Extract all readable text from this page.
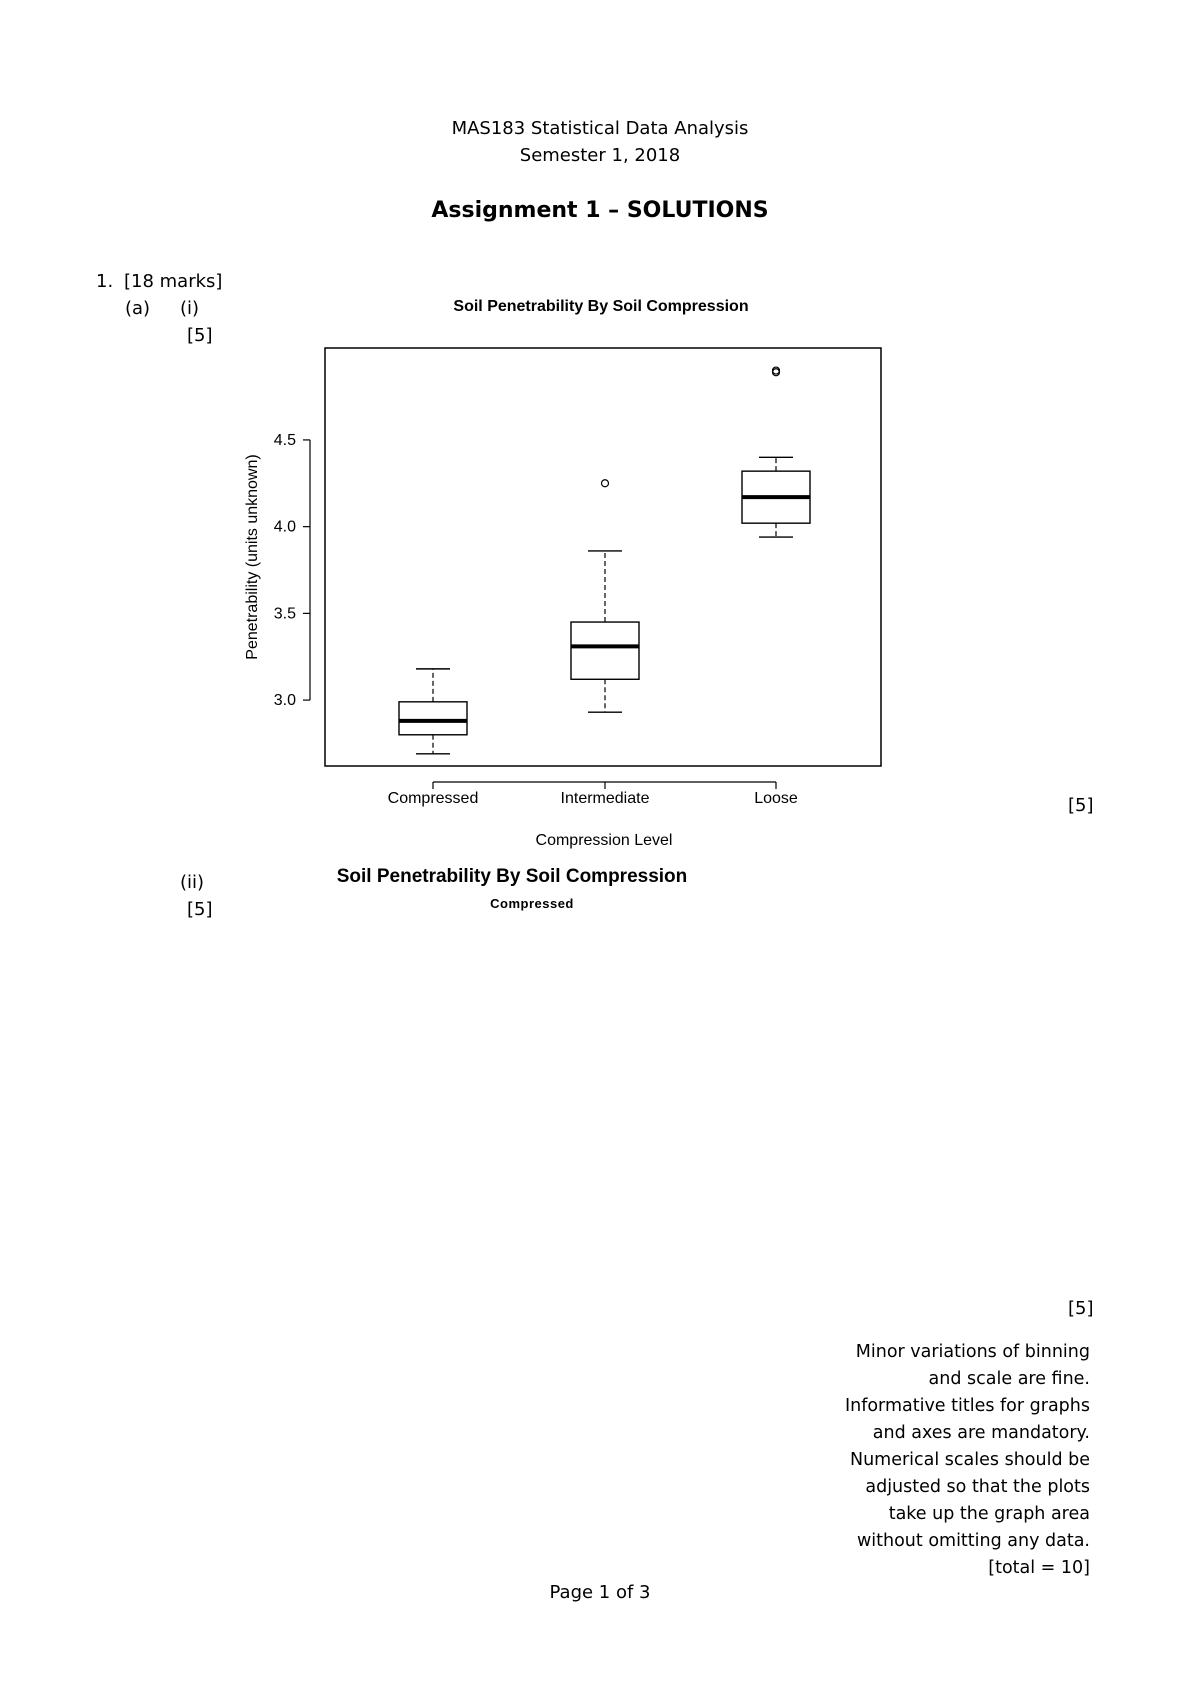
MAS183 Statistical Data Analysis
Semester 1, 2018
Assignment 1 – SOLUTIONS
1. [18 marks]
(a) (i)
[5]
[5]
(ii)
[5]
[5]
Soil Penetrability By Soil Compression
3.0
3.5
4.0
4.5
Compressed	Intermediate	Loose
Penetrability (units unknown)
Compression Level
Soil Penetrability By Soil Compression
Compressed
Minor variations of binning
and scale are fine.
Informative titles for graphs
and axes are mandatory.
Numerical scales should be
adjusted so that the plots
take up the graph area
without omitting any data.
[total = 10]
Page 1 of 3
